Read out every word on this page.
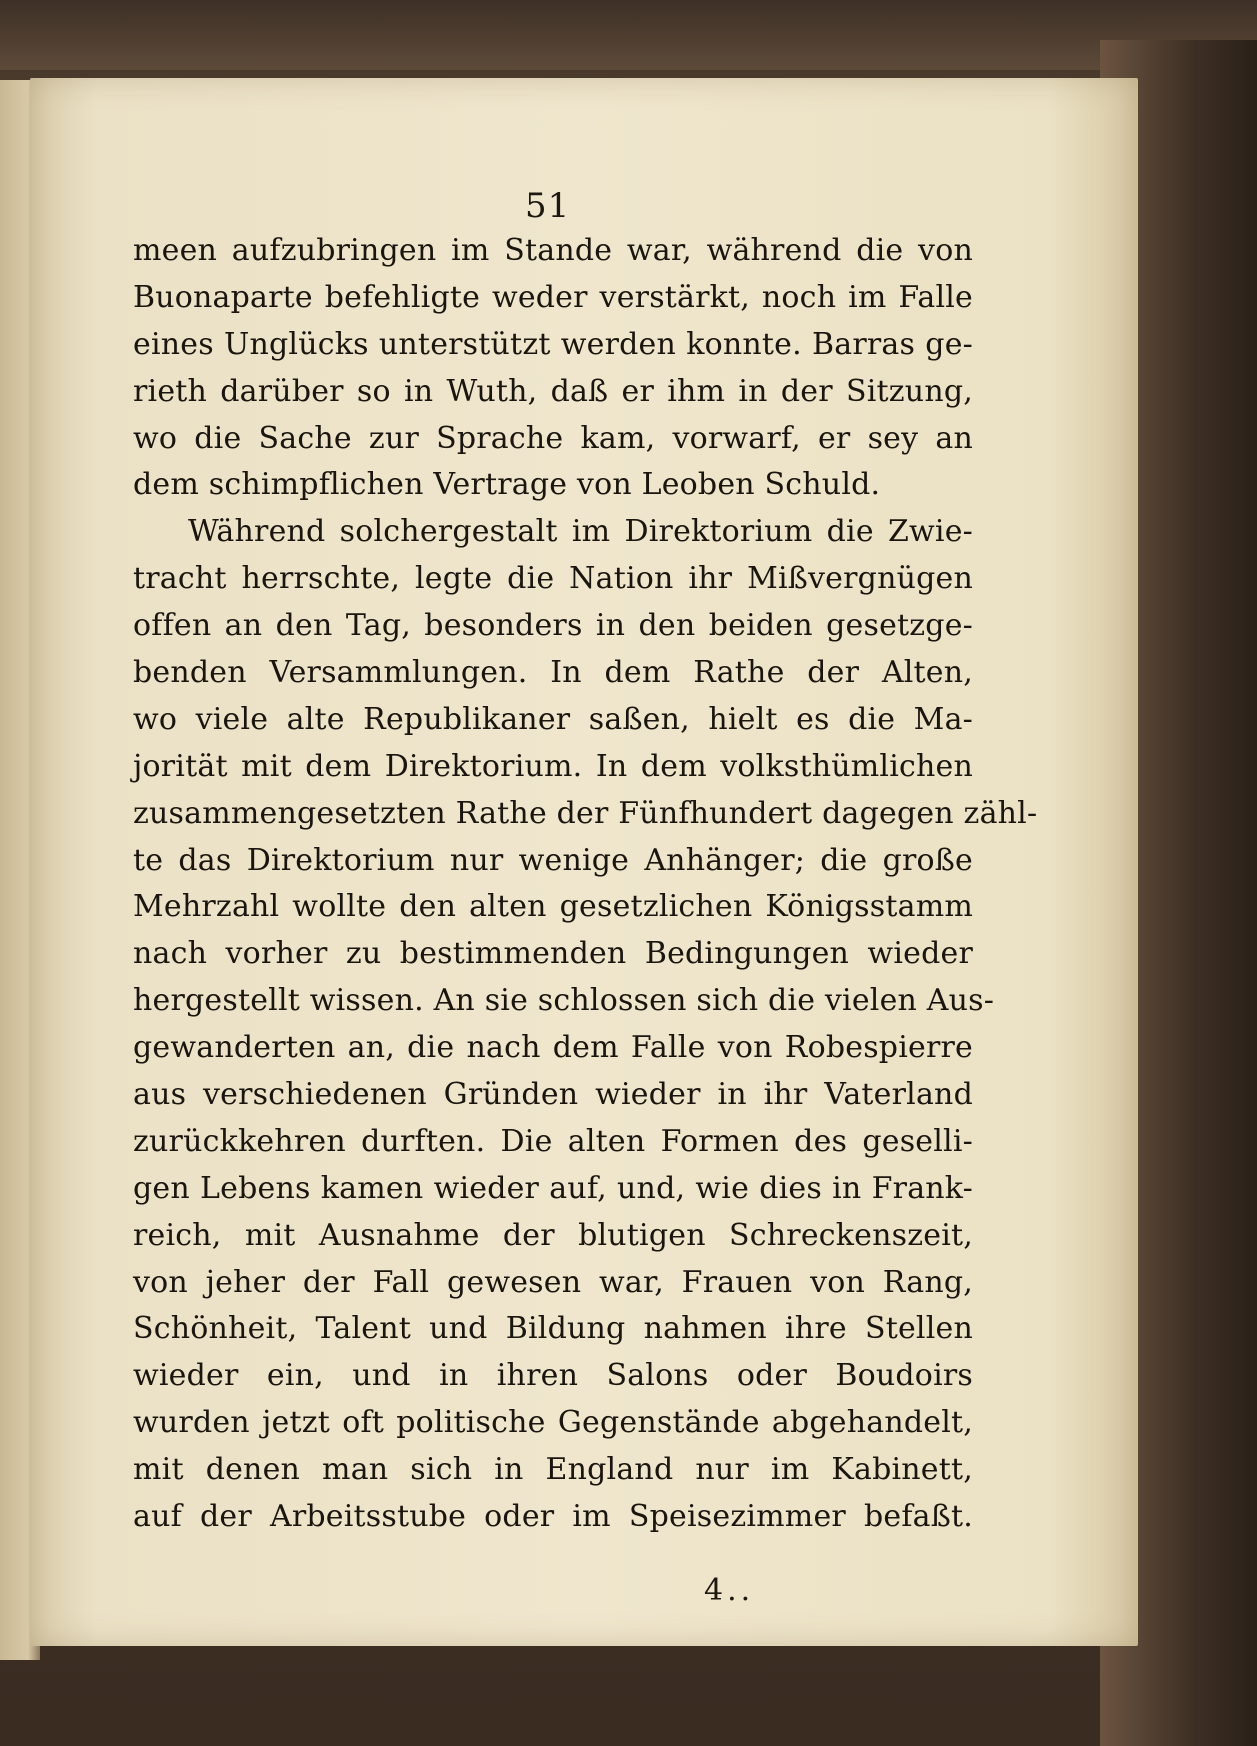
51
meen aufzubringen im Stande war, während die von
Buonaparte befehligte weder verstärkt, noch im Falle
eines Unglücks unterstützt werden konnte. Barras ge-
rieth darüber so in Wuth, daß er ihm in der Sitzung,
wo die Sache zur Sprache kam, vorwarf, er sey an
dem schimpflichen Vertrage von Leoben Schuld.
Während solchergestalt im Direktorium die Zwie-
tracht herrschte, legte die Nation ihr Mißvergnügen
offen an den Tag, besonders in den beiden gesetzge-
benden Versammlungen. In dem Rathe der Alten,
wo viele alte Republikaner saßen, hielt es die Ma-
jorität mit dem Direktorium. In dem volksthümlichen
zusammengesetzten Rathe der Fünfhundert dagegen zähl-
te das Direktorium nur wenige Anhänger; die große
Mehrzahl wollte den alten gesetzlichen Königsstamm
nach vorher zu bestimmenden Bedingungen wieder
hergestellt wissen. An sie schlossen sich die vielen Aus-
gewanderten an, die nach dem Falle von Robespierre
aus verschiedenen Gründen wieder in ihr Vaterland
zurückkehren durften. Die alten Formen des geselli-
gen Lebens kamen wieder auf, und, wie dies in Frank-
reich, mit Ausnahme der blutigen Schreckenszeit,
von jeher der Fall gewesen war, Frauen von Rang,
Schönheit, Talent und Bildung nahmen ihre Stellen
wieder ein, und in ihren Salons oder Boudoirs
wurden jetzt oft politische Gegenstände abgehandelt,
mit denen man sich in England nur im Kabinett,
auf der Arbeitsstube oder im Speisezimmer befaßt.
4..
